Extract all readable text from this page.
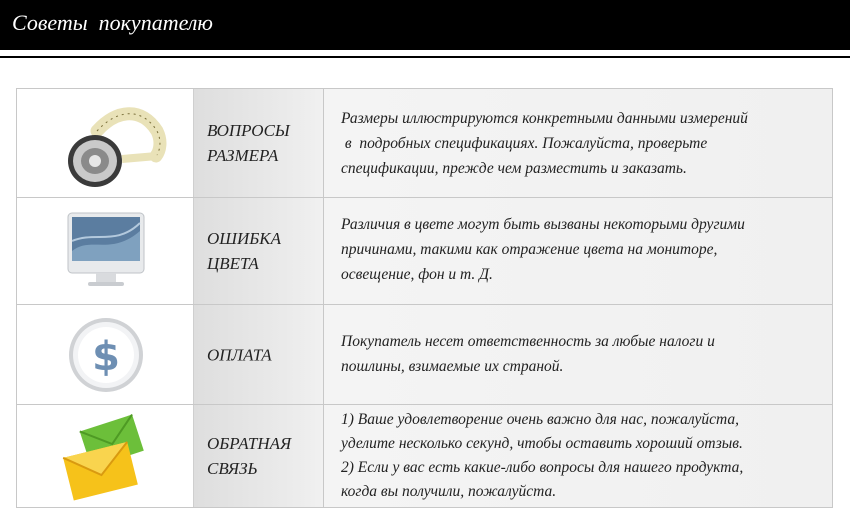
Советы  покупателю
ВОПРОСЫ
РАЗМЕРА
Размеры иллюстрируются конкретными данными измерений
в  подробных спецификациях. Пожалуйста, проверьте
спецификации, прежде чем разместить и заказать.
ОШИБКА
ЦВЕТА
Различия в цвете могут быть вызваны некоторыми другими
причинами, такими как отражение цвета на мониторе,
освещение, фон и т. Д.
$	ОПЛАТА
Покупатель несет ответственность за любые налоги и
пошлины, взимаемые их страной.
ОБРАТНАЯ
СВЯЗЬ
1) Ваше удовлетворение очень важно для нас, пожалуйста,
уделите несколько секунд, чтобы оставить хороший отзыв.
2) Если у вас есть какие-либо вопросы для нашего продукта,
когда вы получили, пожалуйста.
